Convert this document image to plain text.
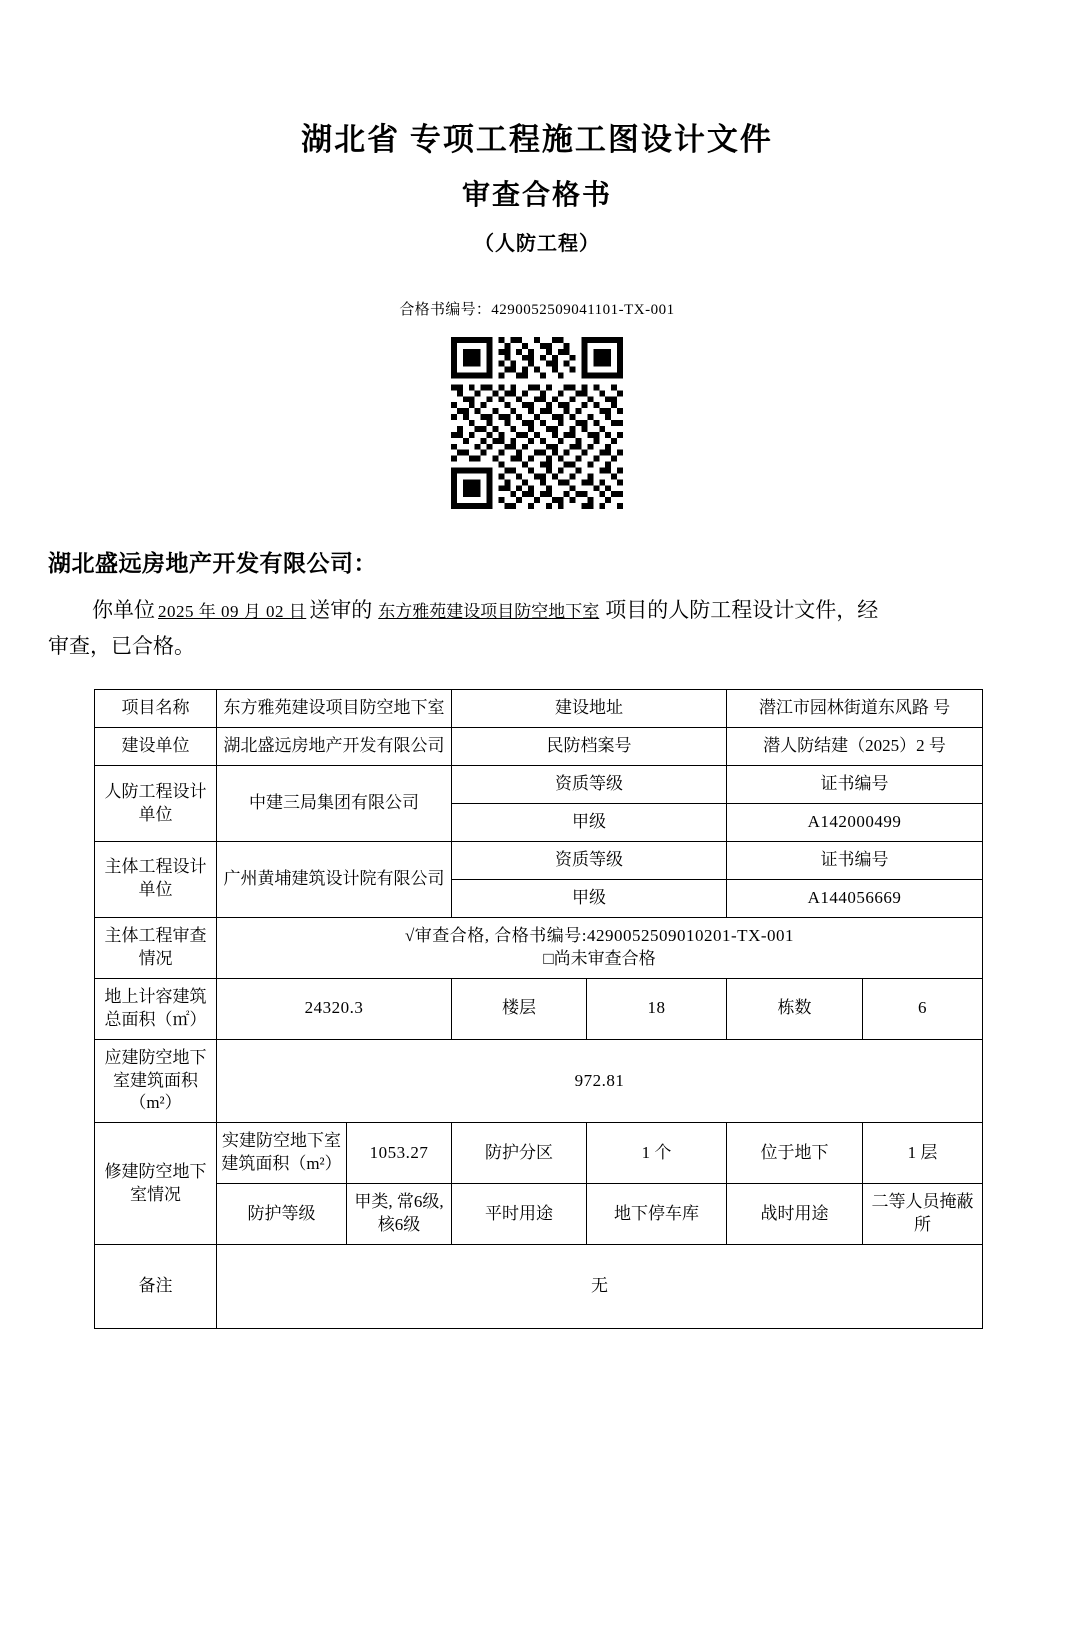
湖北省 专项工程施工图设计文件
审查合格书
（人防工程）
合格书编号：4290052509041101-TX-001
湖北盛远房地产开发有限公司：
你单位 2025 年 09 月 02 日 送审的 东方雅苑建设项目防空地下室 项目的人防工程设计文件，经
审查，已合格。
项目名称	东方雅苑建设项目防空地下室		建设地址		潜江市园林街道东风路 号	
建设单位	湖北盛远房地产开发有限公司		民防档案号		潜人防结建（2025）2 号	
人防工程设计单位	中建三局集团有限公司		资质等级		证书编号	
			甲级		A142000499	
主体工程设计单位	广州黄埔建筑设计院有限公司		资质等级		证书编号	
			甲级		A144056669	
主体工程审查情况	√审查合格, 合格书编号:4290052509010201-TX-001
□尚未审查合格					

地上计容建筑总面积（㎡）	24320.3		楼层	18	栋数	6
应建防空地下室建筑面积（m²）	972.81					
修建防空地下室情况	实建防空地下室建筑面积（m²）	1053.27	防护分区	1 个	位于地下	1 层
	防护等级	甲类, 常6级, 核6级	平时用途	地下停车库	战时用途	二等人员掩蔽所
备注	无					
